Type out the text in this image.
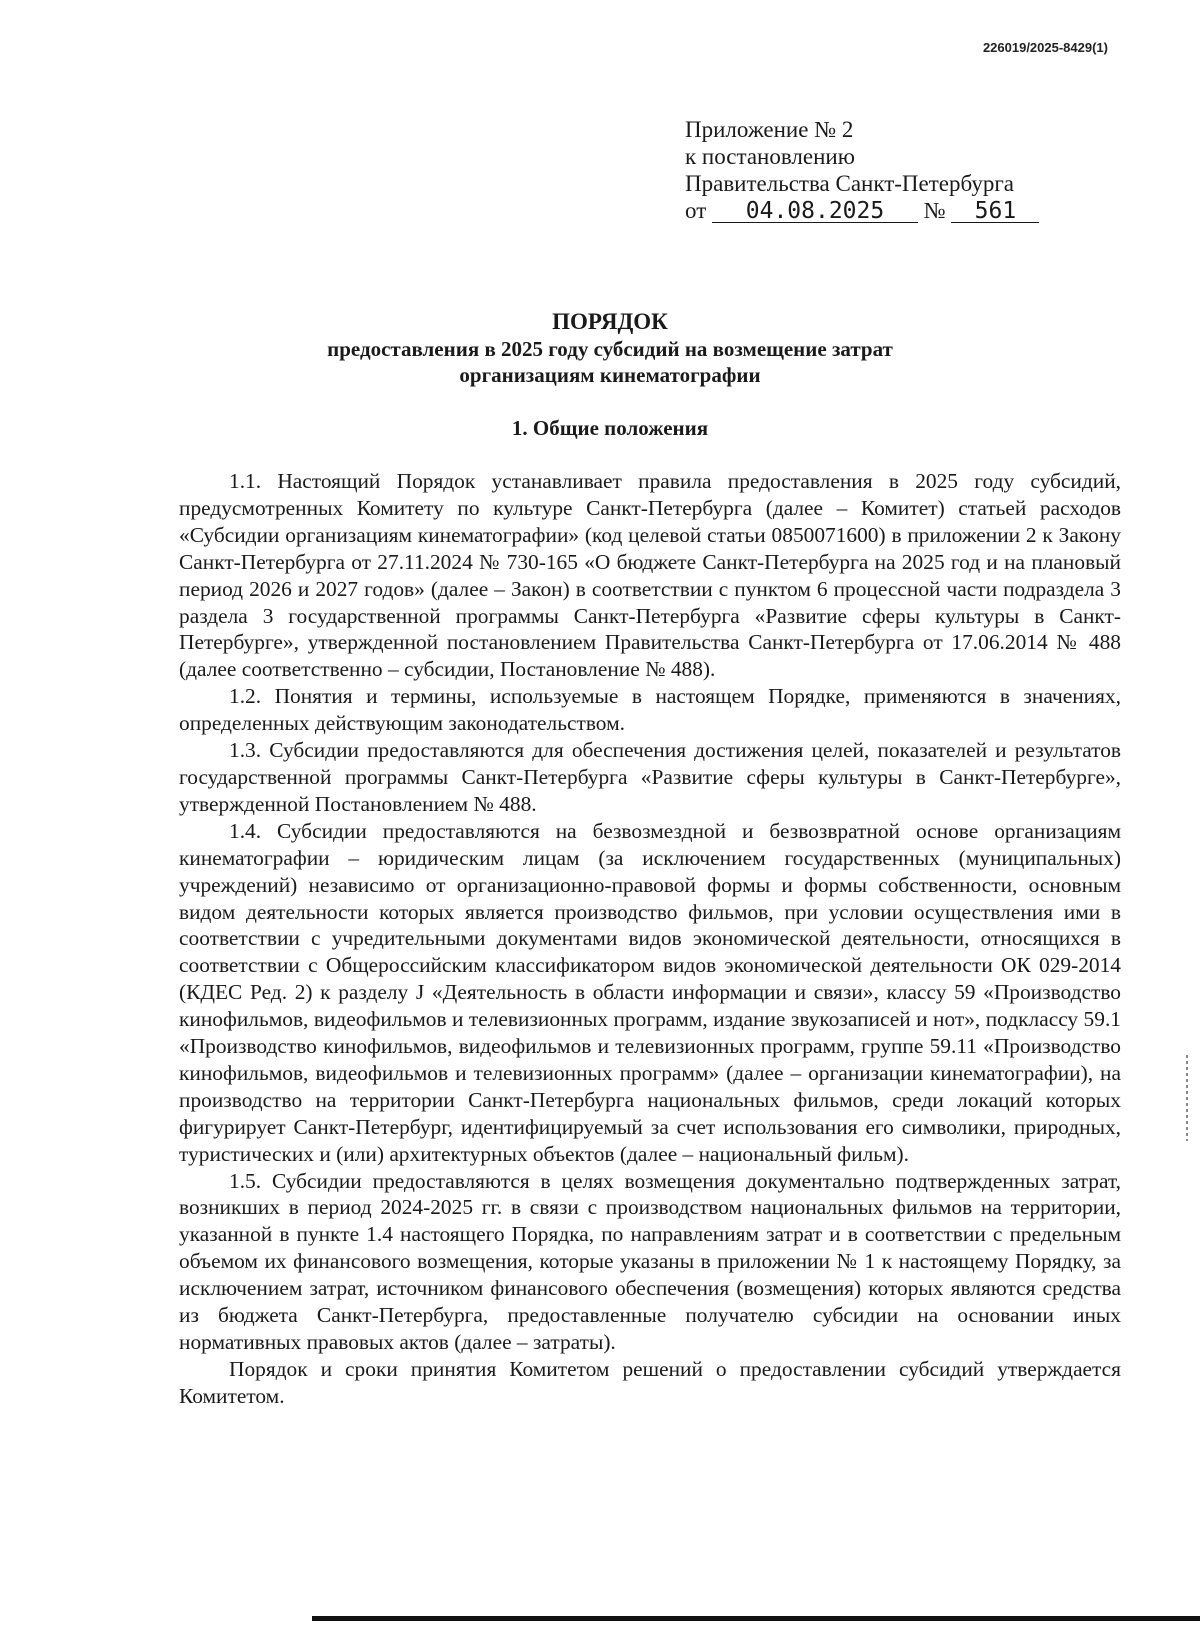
226019/2025-8429(1)
Приложение № 2
к постановлению
Правительства Санкт-Петербурга
от 04.08.2025 № 561
ПОРЯДОК
предоставления в 2025 году субсидий на возмещение затрат
организациям кинематографии
1. Общие положения

1.1. Настоящий Порядок устанавливает правила предоставления в 2025 году субсидий, предусмотренных Комитету по культуре Санкт-Петербурга (далее – Комитет) статьей расходов «Субсидии организациям кинематографии» (код целевой статьи 0850071600) в приложении 2 к Закону Санкт-Петербурга от 27.11.2024 № 730-165 «О бюджете Санкт-Петербурга на 2025 год и на плановый период 2026 и 2027 годов» (далее – Закон) в соответствии с пунктом 6 процессной части подраздела 3 раздела 3 государственной программы Санкт-Петербурга «Развитие сферы культуры в Санкт-Петербурге», утвержденной постановлением Правительства Санкт-Петербурга от 17.06.2014 № 488 (далее соответственно – субсидии, Постановление № 488).

1.2. Понятия и термины, используемые в настоящем Порядке, применяются в значениях, определенных действующим законодательством.

1.3. Субсидии предоставляются для обеспечения достижения целей, показателей и результатов государственной программы Санкт-Петербурга «Развитие сферы культуры в Санкт-Петербурге», утвержденной Постановлением № 488.

1.4. Субсидии предоставляются на безвозмездной и безвозвратной основе организациям кинематографии – юридическим лицам (за исключением государственных (муниципальных) учреждений) независимо от организационно-правовой формы и формы собственности, основным видом деятельности которых является производство фильмов, при условии осуществления ими в соответствии с учредительными документами видов экономической деятельности, относящихся в соответствии с Общероссийским классификатором видов экономической деятельности ОК 029-2014 (КДЕС Ред. 2) к разделу J «Деятельность в области информации и связи», классу 59 «Производство кинофильмов, видеофильмов и телевизионных программ, издание звукозаписей и нот», подклассу 59.1 «Производство кинофильмов, видеофильмов и телевизионных программ, группе 59.11 «Производство кинофильмов, видеофильмов и телевизионных программ» (далее – организации кинематографии), на производство на территории Санкт-Петербурга национальных фильмов, среди локаций которых фигурирует Санкт-Петербург, идентифицируемый за счет использования его символики, природных, туристических и (или) архитектурных объектов (далее – национальный фильм).

1.5. Субсидии предоставляются в целях возмещения документально подтвержденных затрат, возникших в период 2024-2025 гг. в связи с производством национальных фильмов на территории, указанной в пункте 1.4 настоящего Порядка, по направлениям затрат и в соответствии с предельным объемом их финансового возмещения, которые указаны в приложении № 1 к настоящему Порядку, за исключением затрат, источником финансового обеспечения (возмещения) которых являются средства из бюджета Санкт-Петербурга, предоставленные получателю субсидии на основании иных нормативных правовых актов (далее – затраты).

Порядок и сроки принятия Комитетом решений о предоставлении субсидий утверждается Комитетом.
